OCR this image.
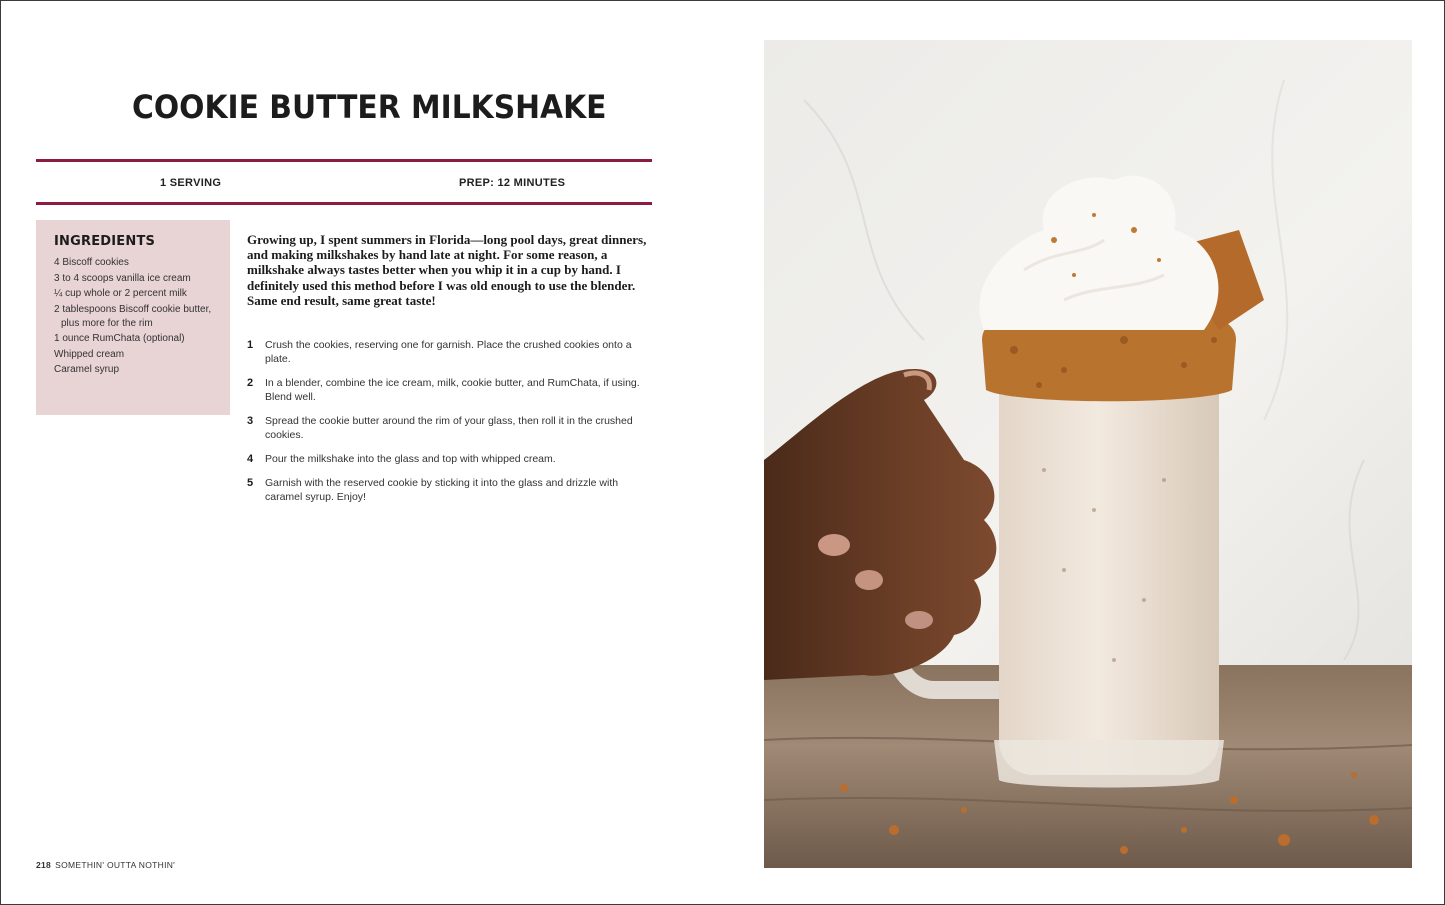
COOKIE BUTTER MILKSHAKE
1 SERVING	PREP: 12 MINUTES
INGREDIENTS
4 Biscoff cookies
3 to 4 scoops vanilla ice cream
¼ cup whole or 2 percent milk
2 tablespoons Biscoff cookie butter, plus more for the rim
1 ounce RumChata (optional)
Whipped cream
Caramel syrup

Growing up, I spent summers in Florida—long pool days, great dinners, and making milkshakes by hand late at night. For some reason, a milkshake always tastes better when you whip it in a cup by hand. I definitely used this method before I was old enough to use the blender. Same end result, same great taste!

1 Crush the cookies, reserving one for garnish. Place the crushed cookies onto a plate.
2 In a blender, combine the ice cream, milk, cookie butter, and RumChata, if using. Blend well.
3 Spread the cookie butter around the rim of your glass, then roll it in the crushed cookies.
4 Pour the milkshake into the glass and top with whipped cream.
5 Garnish with the reserved cookie by sticking it into the glass and drizzle with caramel syrup. Enjoy!
218 SOMETHIN' OUTTA NOTHIN'
